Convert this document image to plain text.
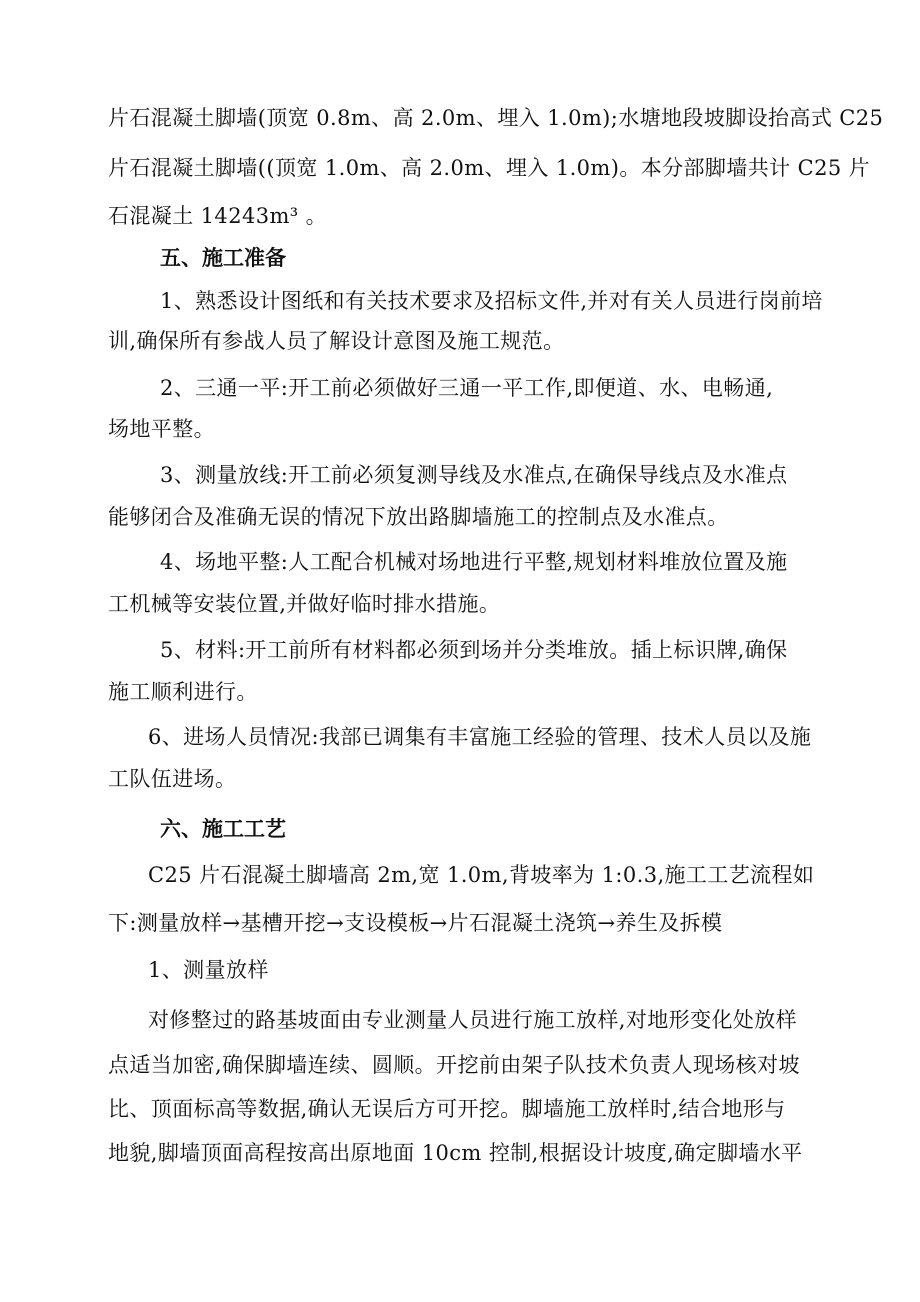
片石混凝土脚墙(顶宽 0.8m、高 2.0m、埋入 1.0m);水塘地段坡脚设抬高式 C25
片石混凝土脚墙((顶宽 1.0m、高 2.0m、埋入 1.0m)。本分部脚墙共计 C25 片
石混凝土 14243m³ 。
五、施工准备
1、熟悉设计图纸和有关技术要求及招标文件,并对有关人员进行岗前培
训,确保所有参战人员了解设计意图及施工规范。
2、三通一平:开工前必须做好三通一平工作,即便道、水、电畅通,
场地平整。
3、测量放线:开工前必须复测导线及水准点,在确保导线点及水准点
能够闭合及准确无误的情况下放出路脚墙施工的控制点及水准点。
4、场地平整:人工配合机械对场地进行平整,规划材料堆放位置及施
工机械等安装位置,并做好临时排水措施。
5、材料:开工前所有材料都必须到场并分类堆放。插上标识牌,确保
施工顺利进行。
6、进场人员情况:我部已调集有丰富施工经验的管理、技术人员以及施
工队伍进场。
六、施工工艺
C25 片石混凝土脚墙高 2m,宽 1.0m,背坡率为 1:0.3,施工工艺流程如
下:测量放样→基槽开挖→支设模板→片石混凝土浇筑→养生及拆模
1、测量放样
对修整过的路基坡面由专业测量人员进行施工放样,对地形变化处放样
点适当加密,确保脚墙连续、圆顺。开挖前由架子队技术负责人现场核对坡
比、顶面标高等数据,确认无误后方可开挖。脚墙施工放样时,结合地形与
地貌,脚墙顶面高程按高出原地面 10cm 控制,根据设计坡度,确定脚墙水平
